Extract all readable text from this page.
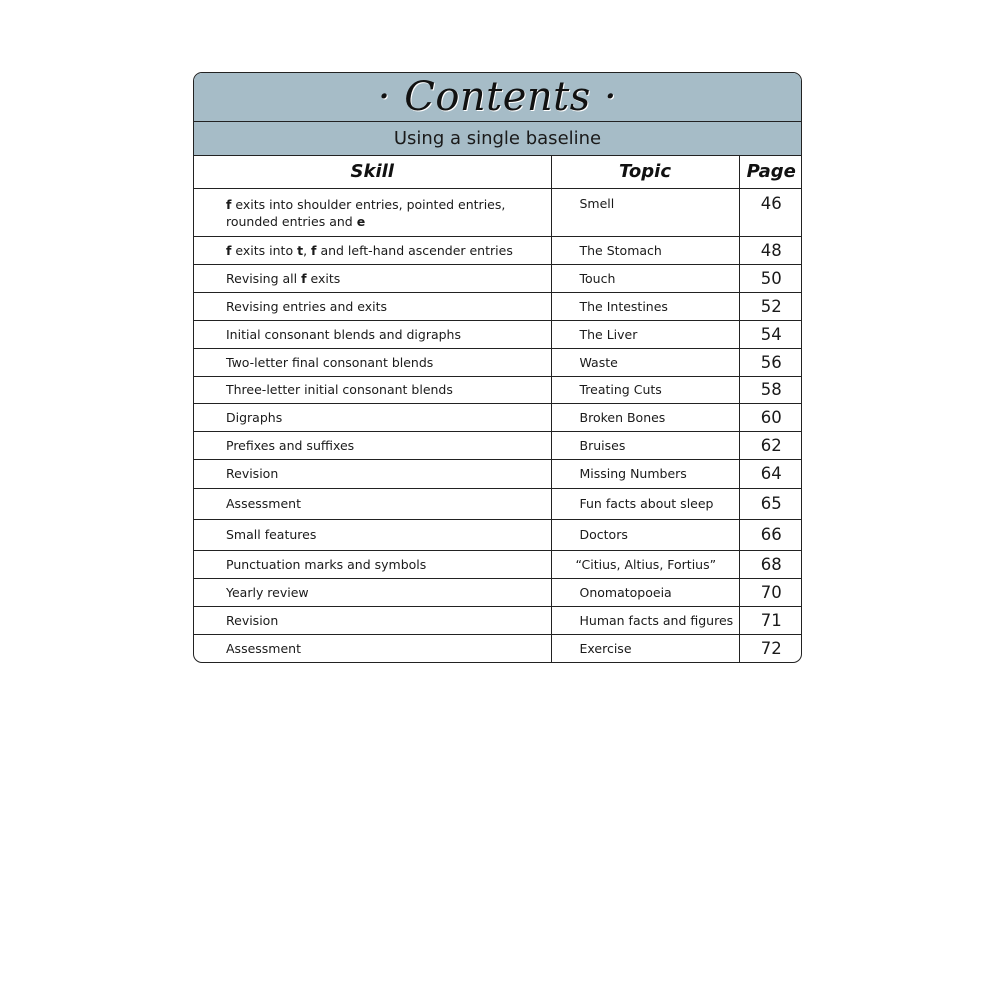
· Contents ·
Using a single baseline
Skill	Topic	Page
f exits into shoulder entries, pointed entries,
rounded entries and e	Smell	46
f exits into t, f and left-hand ascender entries	The Stomach	48
Revising all f exits	Touch	50
Revising entries and exits	The Intestines	52
Initial consonant blends and digraphs	The Liver	54
Two-letter final consonant blends	Waste	56
Three-letter initial consonant blends	Treating Cuts	58
Digraphs	Broken Bones	60
Prefixes and suffixes	Bruises	62
Revision	Missing Numbers	64
Assessment	Fun facts about sleep	65
Small features	Doctors	66
Punctuation marks and symbols	“Citius, Altius, Fortius”	68
Yearly review	Onomatopoeia	70
Revision	Human facts and figures	71
Assessment	Exercise	72
